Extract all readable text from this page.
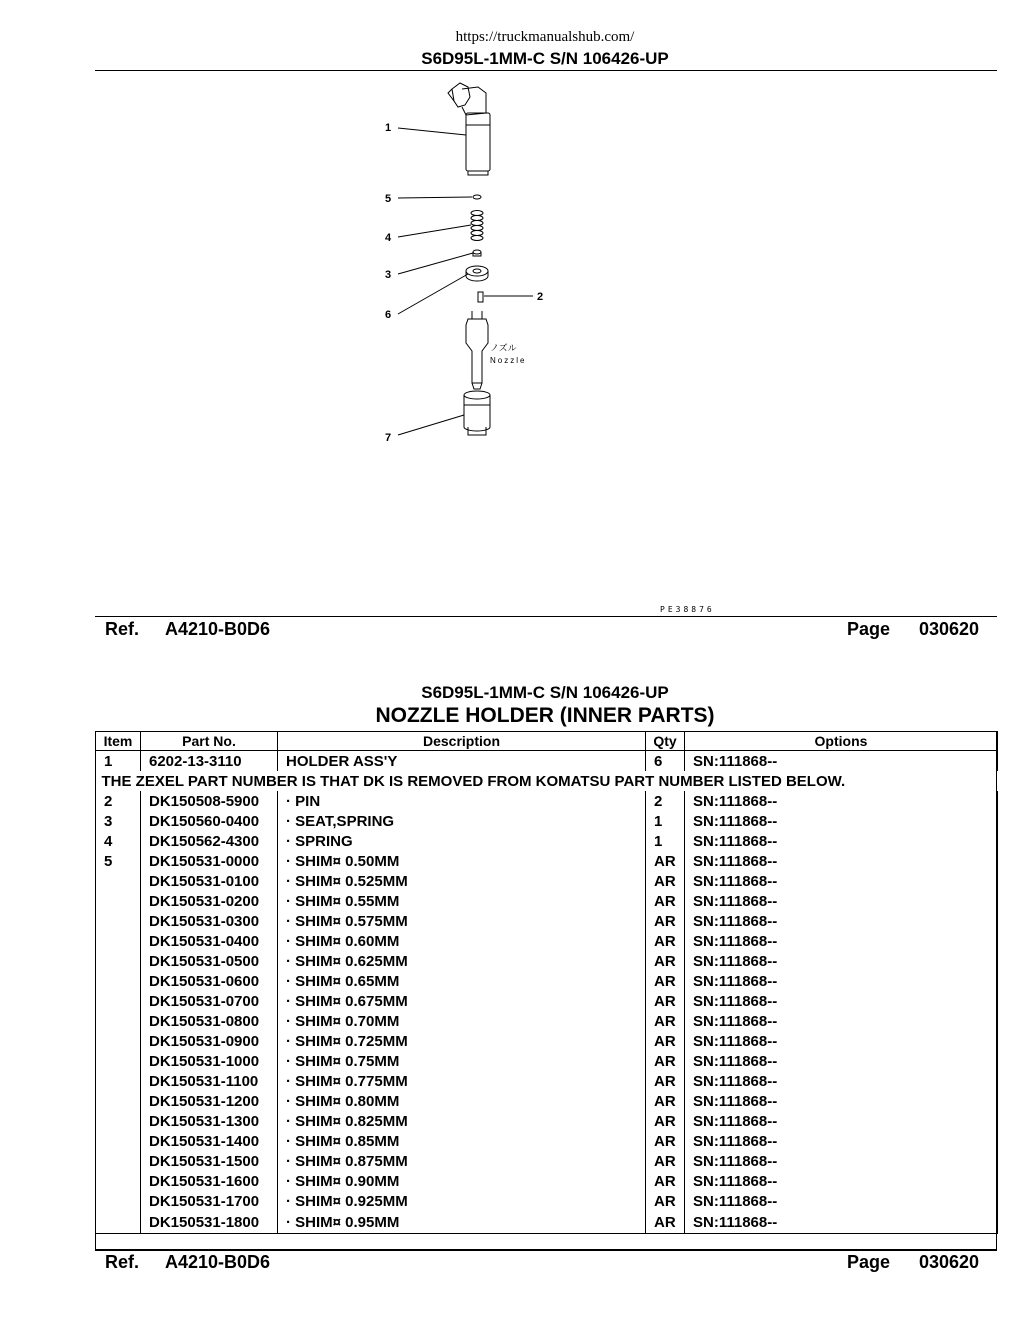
https://truckmanualshub.com/
S6D95L-1MM-C S/N 106426-UP
1
5
4
3
6
2
7
ノズル
Nozzle
PE38876
Ref. A4210-B0D6	Page 030620
S6D95L-1MM-C S/N 106426-UP
NOZZLE HOLDER (INNER PARTS)
Item	Part No.	Description	Qty	Options
1	6202-13-3110	HOLDER ASS'Y	6	SN:111868--
THE ZEXEL PART NUMBER IS THAT DK IS REMOVED FROM KOMATSU PART NUMBER LISTED BELOW.				
2	DK150508-5900	· PIN	2	SN:111868--
3	DK150560-0400	· SEAT,SPRING	1	SN:111868--
4	DK150562-4300	· SPRING	1	SN:111868--
5	DK150531-0000	· SHIM¤ 0.50MM	AR	SN:111868--
	DK150531-0100	· SHIM¤ 0.525MM	AR	SN:111868--
	DK150531-0200	· SHIM¤ 0.55MM	AR	SN:111868--
	DK150531-0300	· SHIM¤ 0.575MM	AR	SN:111868--
	DK150531-0400	· SHIM¤ 0.60MM	AR	SN:111868--
	DK150531-0500	· SHIM¤ 0.625MM	AR	SN:111868--
	DK150531-0600	· SHIM¤ 0.65MM	AR	SN:111868--
	DK150531-0700	· SHIM¤ 0.675MM	AR	SN:111868--
	DK150531-0800	· SHIM¤ 0.70MM	AR	SN:111868--
	DK150531-0900	· SHIM¤ 0.725MM	AR	SN:111868--
	DK150531-1000	· SHIM¤ 0.75MM	AR	SN:111868--
	DK150531-1100	· SHIM¤ 0.775MM	AR	SN:111868--
	DK150531-1200	· SHIM¤ 0.80MM	AR	SN:111868--
	DK150531-1300	· SHIM¤ 0.825MM	AR	SN:111868--
	DK150531-1400	· SHIM¤ 0.85MM	AR	SN:111868--
	DK150531-1500	· SHIM¤ 0.875MM	AR	SN:111868--
	DK150531-1600	· SHIM¤ 0.90MM	AR	SN:111868--
	DK150531-1700	· SHIM¤ 0.925MM	AR	SN:111868--
	DK150531-1800	· SHIM¤ 0.95MM	AR	SN:111868--
Ref. A4210-B0D6	Page 030620
